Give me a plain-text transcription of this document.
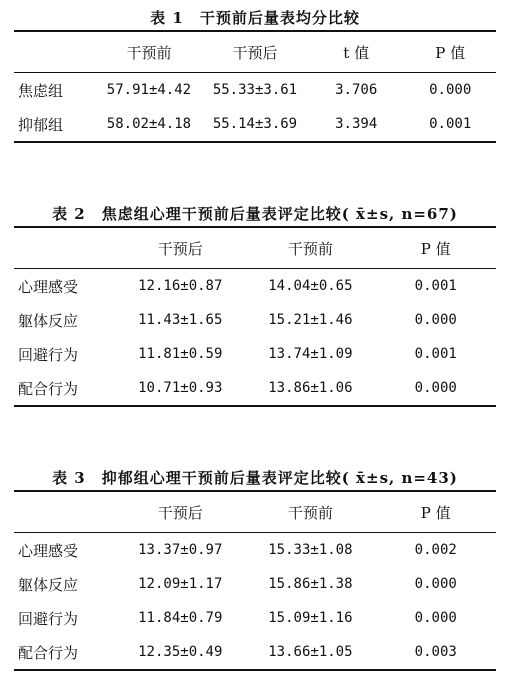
表 1　干预前后量表均分比较
	干预前	干预后	t 值	P 值
焦虑组	57.91±4.42	55.33±3.61	3.706	0.000
抑郁组	58.02±4.18	55.14±3.69	3.394	0.001
表 2　焦虑组心理干预前后量表评定比较( x̄±s, n=67)
	干预后	干预前	P 值
心理感受	12.16±0.87	14.04±0.65	0.001
躯体反应	11.43±1.65	15.21±1.46	0.000
回避行为	11.81±0.59	13.74±1.09	0.001
配合行为	10.71±0.93	13.86±1.06	0.000
表 3　抑郁组心理干预前后量表评定比较( x̄±s, n=43)
	干预后	干预前	P 值
心理感受	13.37±0.97	15.33±1.08	0.002
躯体反应	12.09±1.17	15.86±1.38	0.000
回避行为	11.84±0.79	15.09±1.16	0.000
配合行为	12.35±0.49	13.66±1.05	0.003
